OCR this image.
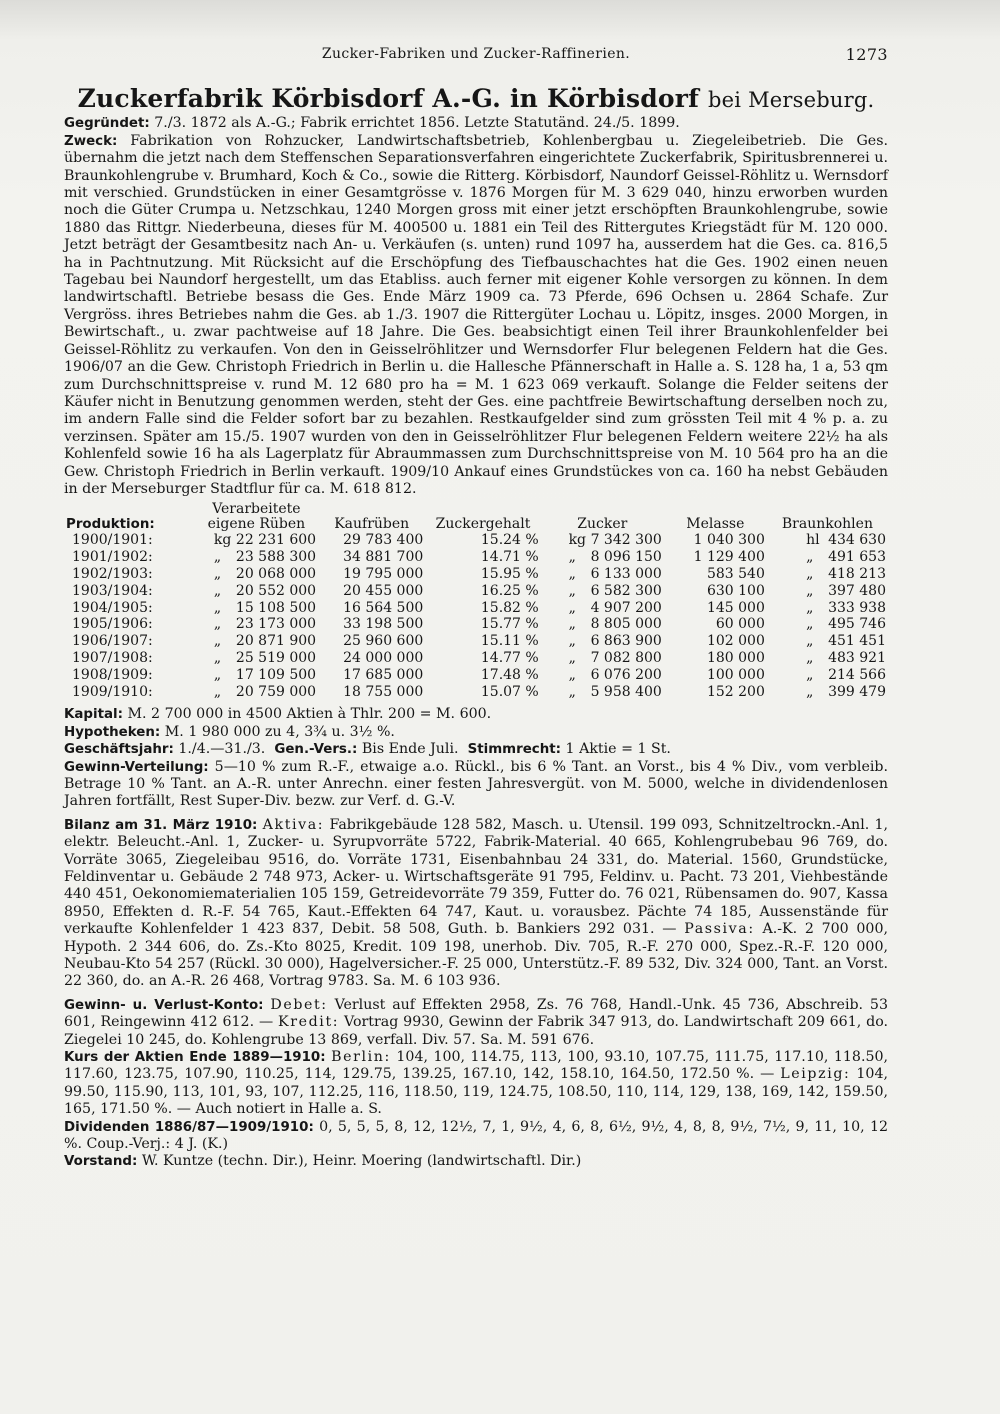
Zucker-Fabriken und Zucker-Raffinerien.	1273
Zuckerfabrik Körbisdorf A.-G. in Körbisdorf bei Merseburg.

Gegründet: 7./3. 1872 als A.-G.; Fabrik errichtet 1856. Letzte Statutänd. 24./5. 1899.

Zweck: Fabrikation von Rohzucker, Landwirtschaftsbetrieb, Kohlenbergbau u. Ziegeleibetrieb. Die Ges. übernahm die jetzt nach dem Steffenschen Separationsverfahren eingerichtete Zuckerfabrik, Spiritusbrennerei u. Braunkohlengrube v. Brumhard, Koch & Co., sowie die Ritterg. Körbisdorf, Naundorf Geissel-Röhlitz u. Wernsdorf mit verschied. Grundstücken in einer Gesamtgrösse v. 1876 Morgen für M. 3 629 040, hinzu erworben wurden noch die Güter Crumpa u. Netzschkau, 1240 Morgen gross mit einer jetzt erschöpften Braunkohlengrube, sowie 1880 das Rittgr. Niederbeuna, dieses für M. 400500 u. 1881 ein Teil des Rittergutes Kriegstädt für M. 120 000. Jetzt beträgt der Gesamtbesitz nach An- u. Verkäufen (s. unten) rund 1097 ha, ausserdem hat die Ges. ca. 816,5 ha in Pachtnutzung. Mit Rücksicht auf die Erschöpfung des Tiefbauschachtes hat die Ges. 1902 einen neuen Tagebau bei Naundorf hergestellt, um das Etabliss. auch ferner mit eigener Kohle versorgen zu können. In dem landwirtschaftl. Betriebe besass die Ges. Ende März 1909 ca. 73 Pferde, 696 Ochsen u. 2864 Schafe. Zur Vergröss. ihres Betriebes nahm die Ges. ab 1./3. 1907 die Rittergüter Lochau u. Löpitz, insges. 2000 Morgen, in Bewirtschaft., u. zwar pachtweise auf 18 Jahre. Die Ges. beabsichtigt einen Teil ihrer Braunkohlenfelder bei Geissel-Röhlitz zu verkaufen. Von den in Geisselröhlitzer und Wernsdorfer Flur belegenen Feldern hat die Ges. 1906/07 an die Gew. Christoph Friedrich in Berlin u. die Hallesche Pfännerschaft in Halle a. S. 128 ha, 1 a, 53 qm zum Durchschnittspreise v. rund M. 12 680 pro ha = M. 1 623 069 verkauft. Solange die Felder seitens der Käufer nicht in Benutzung genommen werden, steht der Ges. eine pachtfreie Bewirtschaftung derselben noch zu, im andern Falle sind die Felder sofort bar zu bezahlen. Restkaufgelder sind zum grössten Teil mit 4 % p. a. zu verzinsen. Später am 15./5. 1907 wurden von den in Geisselröhlitzer Flur belegenen Feldern weitere 22½ ha als Kohlenfeld sowie 16 ha als Lagerplatz für Abraummassen zum Durchschnittspreise von M. 10 564 pro ha an die Gew. Christoph Friedrich in Berlin verkauft. 1909/10 Ankauf eines Grundstückes von ca. 160 ha nebst Gebäuden in der Merseburger Stadtflur für ca. M. 618 812.

Produktion:	Verarbeitete eigene Rüben	Kaufrüben	Zuckergehalt	Zucker	Melasse	Braunkohlen
1900/1901:	kg 22 231 600	29 783 400	15.24 %	kg 7 342 300	1 040 300	hl 434 630
1901/1902:	„ 23 588 300	34 881 700	14.71 %	„ 8 096 150	1 129 400	„ 491 653
1902/1903:	„ 20 068 000	19 795 000	15.95 %	„ 6 133 000	583 540	„ 418 213
1903/1904:	„ 20 552 000	20 455 000	16.25 %	„ 6 582 300	630 100	„ 397 480
1904/1905:	„ 15 108 500	16 564 500	15.82 %	„ 4 907 200	145 000	„ 333 938
1905/1906:	„ 23 173 000	33 198 500	15.77 %	„ 8 805 000	60 000	„ 495 746
1906/1907:	„ 20 871 900	25 960 600	15.11 %	„ 6 863 900	102 000	„ 451 451
1907/1908:	„ 25 519 000	24 000 000	14.77 %	„ 7 082 800	180 000	„ 483 921
1908/1909:	„ 17 109 500	17 685 000	17.48 %	„ 6 076 200	100 000	„ 214 566
1909/1910:	„ 20 759 000	18 755 000	15.07 %	„ 5 958 400	152 200	„ 399 479

Kapital: M. 2 700 000 in 4500 Aktien à Thlr. 200 = M. 600.

Hypotheken: M. 1 980 000 zu 4, 3¾ u. 3½ %.

Geschäftsjahr: 1./4.—31./3. Gen.-Vers.: Bis Ende Juli. Stimmrecht: 1 Aktie = 1 St.

Gewinn-Verteilung: 5—10 % zum R.-F., etwaige a.o. Rückl., bis 6 % Tant. an Vorst., bis 4 % Div., vom verbleib. Betrage 10 % Tant. an A.-R. unter Anrechn. einer festen Jahresvergüt. von M. 5000, welche in dividendenlosen Jahren fortfällt, Rest Super-Div. bezw. zur Verf. d. G.-V.

Bilanz am 31. März 1910: Aktiva: Fabrikgebäude 128 582, Masch. u. Utensil. 199 093, Schnitzeltrockn.-Anl. 1, elektr. Beleucht.-Anl. 1, Zucker- u. Syrupvorräte 5722, Fabrik-Material. 40 665, Kohlengrubebau 96 769, do. Vorräte 3065, Ziegeleibau 9516, do. Vorräte 1731, Eisenbahnbau 24 331, do. Material. 1560, Grundstücke, Feldinventar u. Gebäude 2 748 973, Acker- u. Wirtschaftsgeräte 91 795, Feldinv. u. Pacht. 73 201, Viehbestände 440 451, Oekonomiematerialien 105 159, Getreidevorräte 79 359, Futter do. 76 021, Rübensamen do. 907, Kassa 8950, Effekten d. R.-F. 54 765, Kaut.-Effekten 64 747, Kaut. u. vorausbez. Pächte 74 185, Aussenstände für verkaufte Kohlenfelder 1 423 837, Debit. 58 508, Guth. b. Bankiers 292 031. — Passiva: A.-K. 2 700 000, Hypoth. 2 344 606, do. Zs.-Kto 8025, Kredit. 109 198, unerhob. Div. 705, R.-F. 270 000, Spez.-R.-F. 120 000, Neubau-Kto 54 257 (Rückl. 30 000), Hagelversicher.-F. 25 000, Unterstütz.-F. 89 532, Div. 324 000, Tant. an Vorst. 22 360, do. an A.-R. 26 468, Vortrag 9783. Sa. M. 6 103 936.

Gewinn- u. Verlust-Konto: Debet: Verlust auf Effekten 2958, Zs. 76 768, Handl.-Unk. 45 736, Abschreib. 53 601, Reingewinn 412 612. — Kredit: Vortrag 9930, Gewinn der Fabrik 347 913, do. Landwirtschaft 209 661, do. Ziegelei 10 245, do. Kohlengrube 13 869, verfall. Div. 57. Sa. M. 591 676.

Kurs der Aktien Ende 1889—1910: Berlin: 104, 100, 114.75, 113, 100, 93.10, 107.75, 111.75, 117.10, 118.50, 117.60, 123.75, 107.90, 110.25, 114, 129.75, 139.25, 167.10, 142, 158.10, 164.50, 172.50 %. — Leipzig: 104, 99.50, 115.90, 113, 101, 93, 107, 112.25, 116, 118.50, 119, 124.75, 108.50, 110, 114, 129, 138, 169, 142, 159.50, 165, 171.50 %. — Auch notiert in Halle a. S.

Dividenden 1886/87—1909/1910: 0, 5, 5, 5, 8, 12, 12½, 7, 1, 9½, 4, 6, 8, 6½, 9½, 4, 8, 8, 9½, 7½, 9, 11, 10, 12 %. Coup.-Verj.: 4 J. (K.)

Vorstand: W. Kuntze (techn. Dir.), Heinr. Moering (landwirtschaftl. Dir.)
